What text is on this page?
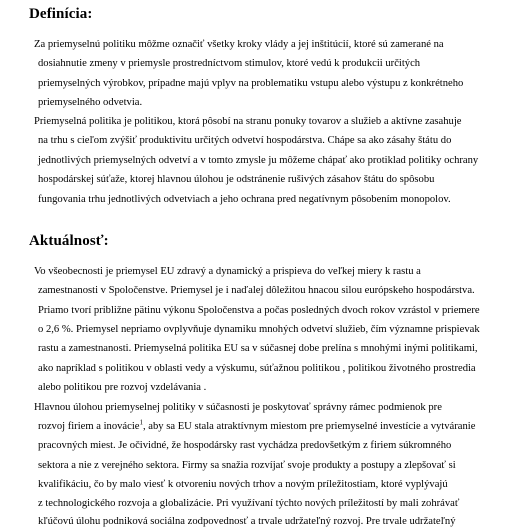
Definícia:
Za priemyselnú politiku môžme označiť všetky kroky vlády a jej inštitúcií, ktoré sú zamerané na
dosiahnutie zmeny v priemysle prostredníctvom stimulov, ktoré vedú k produkcii určitých
priemyselných výrobkov, prípadne majú vplyv na problematiku vstupu alebo výstupu z konkrétneho
priemyselného odvetvia.
Priemyselná politika je politikou, ktorá pôsobí na stranu ponuky tovarov a služieb a aktívne zasahuje
na trhu s cieľom zvýšiť produktivitu určitých odvetví hospodárstva. Chápe sa ako zásahy štátu do
jednotlivých priemyselných odvetví a v tomto zmysle ju môžeme chápať ako protiklad politiky ochrany
hospodárskej súťaže, ktorej hlavnou úlohou je odstránenie rušivých zásahov štátu do spôsobu
fungovania trhu jednotlivých odvetviach a jeho ochrana pred negatívnym pôsobením monopolov.
Aktuálnosť:
Vo všeobecnosti je priemysel EU zdravý a dynamický a prispieva do veľkej miery k rastu a
zamestnanosti v Spoločenstve. Priemysel je i naďalej dôležitou hnacou silou európskeho hospodárstva.
Priamo tvorí približne pätinu výkonu Spoločenstva a počas posledných dvoch rokov vzrástol v priemere
o 2,6 %. Priemysel nepriamo ovplyvňuje dynamiku mnohých odvetví služieb, čím významne prispievak
rastu a zamestnanosti. Priemyselná politika EU sa v súčasnej dobe prelína s mnohými inými politikami,
ako napríklad s politikou v oblasti vedy a výskumu, súťažnou politikou , politikou životného prostredia
alebo politikou pre rozvoj vzdelávania .
Hlavnou úlohou priemyselnej politiky v súčasnosti je poskytovať správny rámec podmienok pre
rozvoj firiem a inovácie$^1$, aby sa EU stala atraktívnym miestom pre priemyselné investície a vytváranie
pracovných miest. Je očividné, že hospodársky rast vychádza predovšetkým z firiem súkromného
sektora a nie z verejného sektora. Firmy sa snažia rozvíjať svoje produkty a postupy a zlepšovať si
kvalifikáciu, čo by malo viesť k otvoreniu nových trhov a novým príležitostiam, ktoré vyplývajú
z technologického rozvoja a globalizácie. Pri využívaní týchto nových príležitostí by mali zohrávať
kľúčovú úlohu podniková sociálna zodpovednosť a trvale udržateľný rozvoj. Pre trvale udržateľný
